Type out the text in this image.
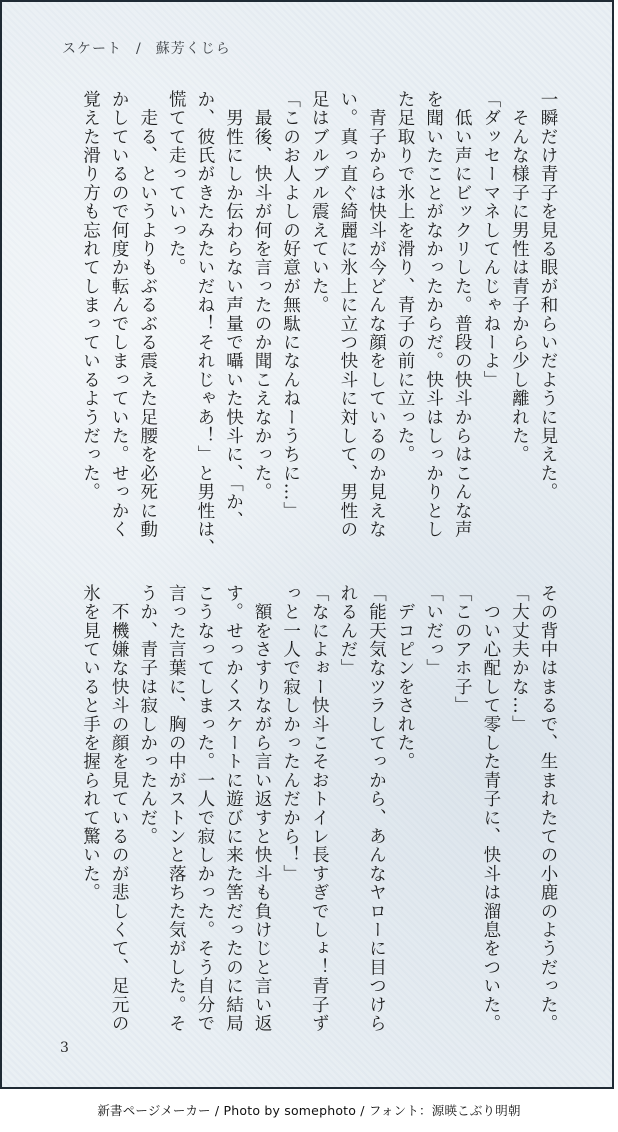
スケート / 蘇芳くじら
一瞬だけ青子を見る眼が和らいだように見えた。
　そんな様子に男性は青子から少し離れた。
「ダッセーマネしてんじゃねーよ」
　低い声にビックリした。普段の快斗からはこんな声
を聞いたことがなかったからだ。快斗はしっかりとし
た足取りで氷上を滑り、青子の前に立った。
　青子からは快斗が今どんな顔をしているのか見えな
い。真っ直ぐ綺麗に氷上に立つ快斗に対して、男性の
足はブルブル震えていた。
「このお人よしの好意が無駄になんねーうちに…」
　最後、快斗が何を言ったのか聞こえなかった。
　男性にしか伝わらない声量で囁いた快斗に、「か、
か、彼氏がきたみたいだね！それじゃあ！」と男性は、
慌てて走っていった。
　走る、というよりもぶるぶる震えた足腰を必死に動
かしているので何度か転んでしまっていた。せっかく
覚えた滑り方も忘れてしまっているようだった。
その背中はまるで、生まれたての小鹿のようだった。
「大丈夫かな…」
　つい心配して零した青子に、快斗は溜息をついた。
「このアホ子」
「いだっ」
　デコピンをされた。
「能天気なツラしてっから、あんなヤローに目つけら
れるんだ」
「なによぉー快斗こそおトイレ長すぎでしょ！青子ず
っと一人で寂しかったんだから！」
　額をさすりながら言い返すと快斗も負けじと言い返
す。せっかくスケートに遊びに来た筈だったのに結局
こうなってしまった。一人で寂しかった。そう自分で
言った言葉に、胸の中がストンと落ちた気がした。そ
うか、青子は寂しかったんだ。
　不機嫌な快斗の顔を見ているのが悲しくて、足元の
氷を見ていると手を握られて驚いた。
3
新書ページメーカー / Photo by somephoto / フォント：源暎こぶり明朝
